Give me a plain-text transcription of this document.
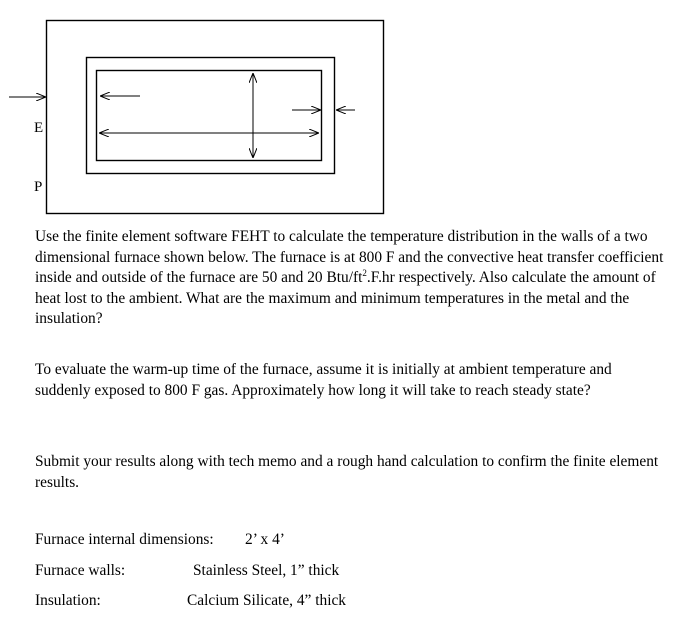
E
P

Use the finite element software FEHT to calculate the temperature distribution in the walls of a two dimensional furnace shown below. The furnace is at 800 F and the convective heat transfer coefficient inside and outside of the furnace are 50 and 20 Btu/$ft^2.F.hr$ respectively. Also calculate the amount of heat lost to the ambient. What are the maximum and minimum temperatures in the metal and the insulation?

To evaluate the warm-up time of the furnace, assume it is initially at ambient temperature and suddenly exposed to 800 F gas. Approximately how long it will take to reach steady state?

Submit your results along with tech memo and a rough hand calculation to confirm the finite element results.

Furnace internal dimensions: 2’ x 4’
Furnace walls:	Stainless Steel, 1” thick
Insulation:	Calcium Silicate, 4” thick
